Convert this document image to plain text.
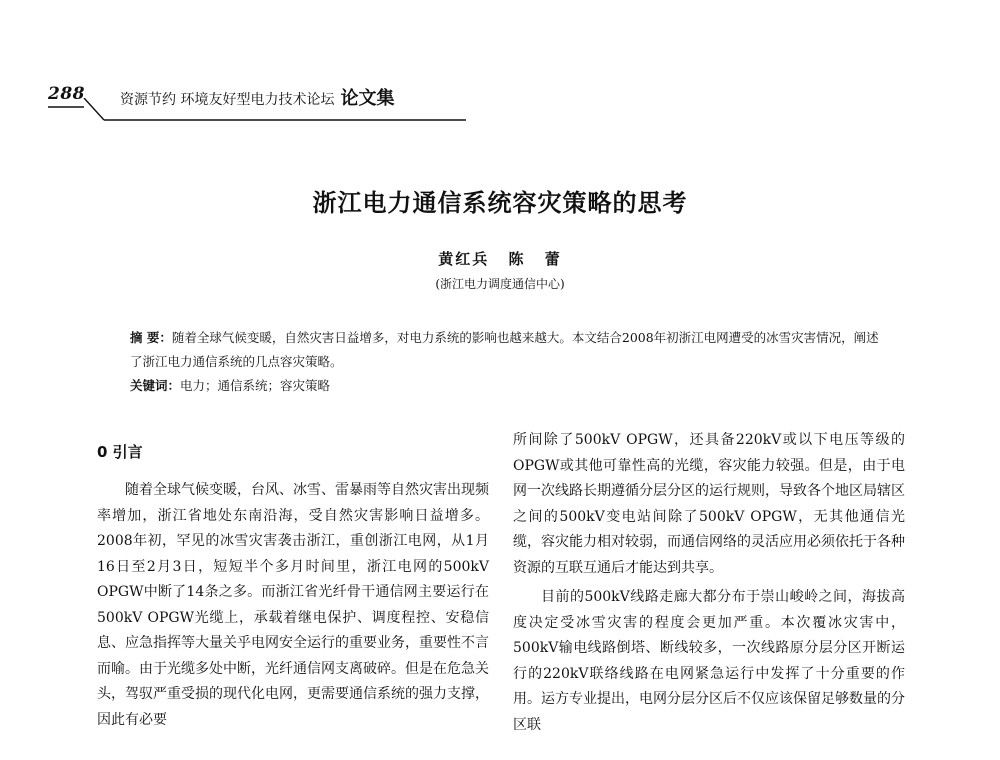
288	资源节约 环境友好型电力技术论坛 论文集
浙江电力通信系统容灾策略的思考
黄红兵 陈 蕾
(浙江电力调度通信中心)

摘 要：随着全球气候变暖，自然灾害日益增多，对电力系统的影响也越来越大。本文结合2008年初浙江电网遭受的冰雪灾害情况，阐述了浙江电力通信系统的几点容灾策略。

关键词：电力；通信系统；容灾策略

0 引言

随着全球气候变暖，台风、冰雪、雷暴雨等自然灾害出现频率增加，浙江省地处东南沿海，受自然灾害影响日益增多。2008年初，罕见的冰雪灾害袭击浙江，重创浙江电网，从1月16日至2月3日，短短半个多月时间里，浙江电网的500kV OPGW中断了14条之多。而浙江省光纤骨干通信网主要运行在500kV OPGW光缆上，承载着继电保护、调度程控、安稳信息、应急指挥等大量关乎电网安全运行的重要业务，重要性不言而喻。由于光缆多处中断，光纤通信网支离破碎。但是在危急关头，驾驭严重受损的现代化电网，更需要通信系统的强力支撑，因此有必要

所间除了500kV OPGW，还具备220kV或以下电压等级的OPGW或其他可靠性高的光缆，容灾能力较强。但是，由于电网一次线路长期遵循分层分区的运行规则，导致各个地区局辖区之间的500kV变电站间除了500kV OPGW，无其他通信光缆，容灾能力相对较弱，而通信网络的灵活应用必须依托于各种资源的互联互通后才能达到共享。

目前的500kV线路走廊大都分布于崇山峻岭之间，海拔高度决定受冰雪灾害的程度会更加严重。本次覆冰灾害中，500kV输电线路倒塔、断线较多，一次线路原分层分区开断运行的220kV联络线路在电网紧急运行中发挥了十分重要的作用。运方专业提出，电网分层分区后不仅应该保留足够数量的分区联
